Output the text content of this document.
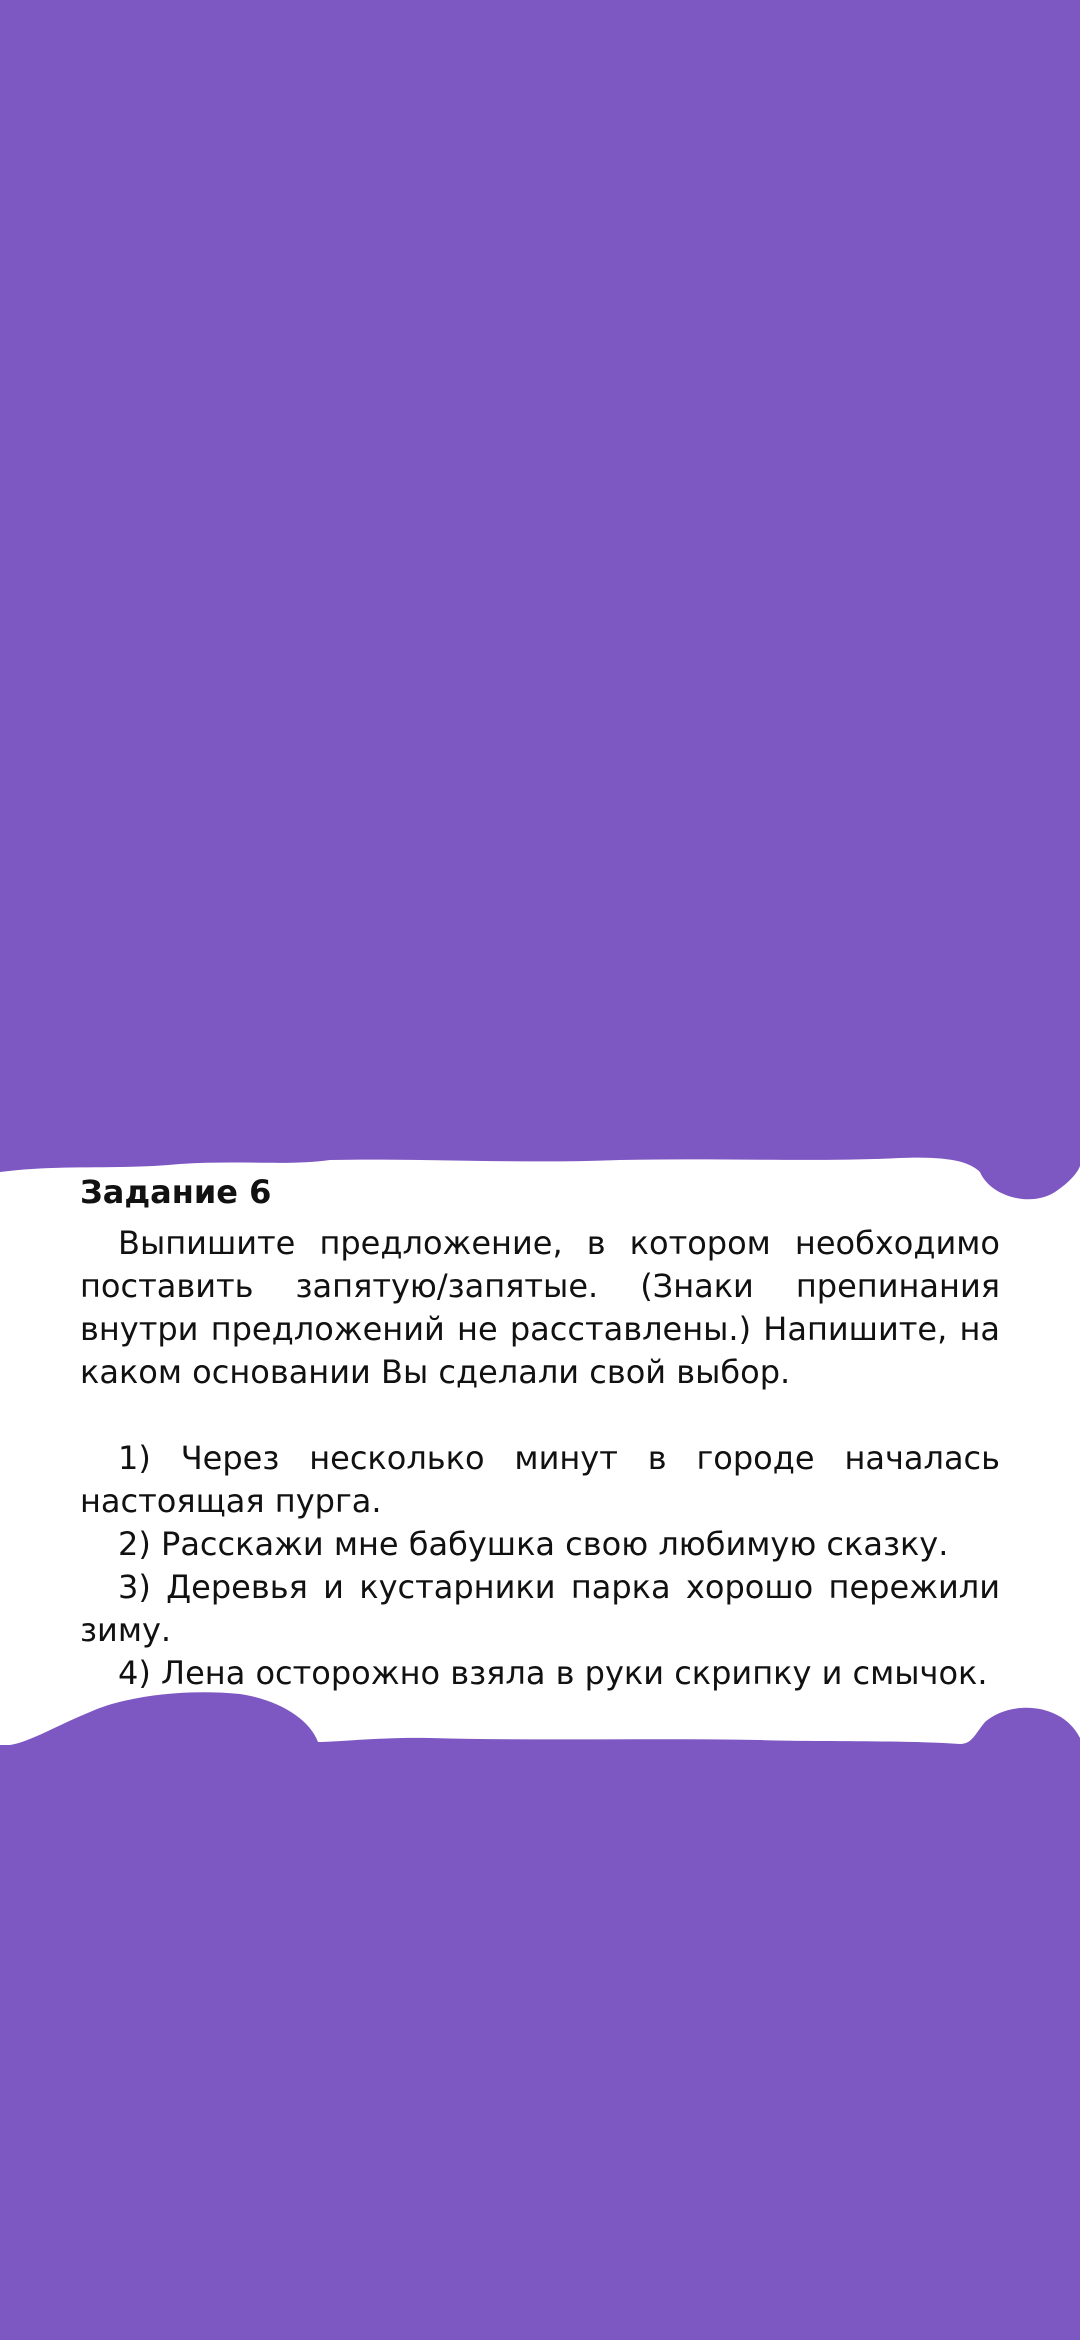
Задание 6

Выпишите предложение, в котором необходимо поставить запятую/запятые. (Знаки препинания внутри предложений не расставлены.) Напишите, на каком основании Вы сделали свой выбор.

1) Через несколько минут в городе началась настоящая пурга.

2) Расскажи мне бабушка свою любимую сказку.

3) Деревья и кустарники парка хорошо пережили зиму.

4) Лена осторожно взяла в руки скрипку и смычок.
